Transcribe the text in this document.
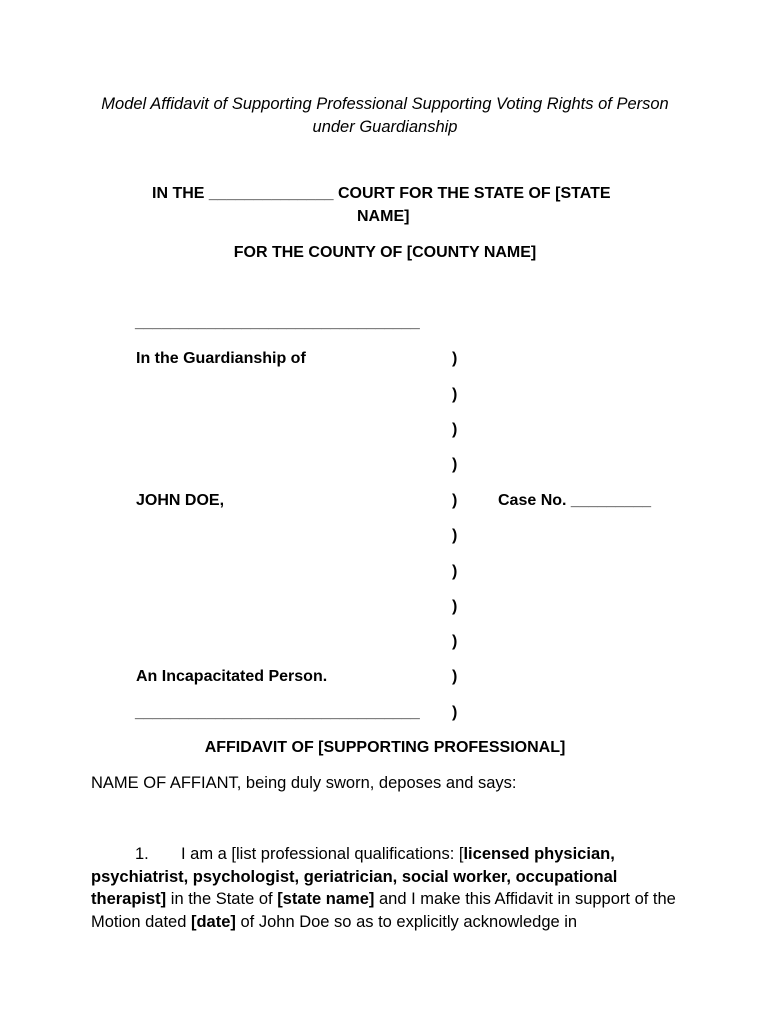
Model Affidavit of Supporting Professional Supporting Voting Rights of Person under Guardianship
IN THE ______________ COURT FOR THE STATE OF [STATE
NAME]
FOR THE COUNTY OF [COUNTY NAME]
________________________________
In the Guardianship of	)
)
)
)
JOHN DOE,	)	Case No. _________
)
)
)
)
An Incapacitated Person.	)
________________________________ )
AFFIDAVIT OF [SUPPORTING PROFESSIONAL]
NAME OF AFFIANT, being duly sworn, deposes and says:
1. I am a [list professional qualifications: [licensed physician, psychiatrist, psychologist, geriatrician, social worker, occupational therapist] in the State of [state name] and I make this Affidavit in support of the Motion dated [date] of John Doe so as to explicitly acknowledge in
